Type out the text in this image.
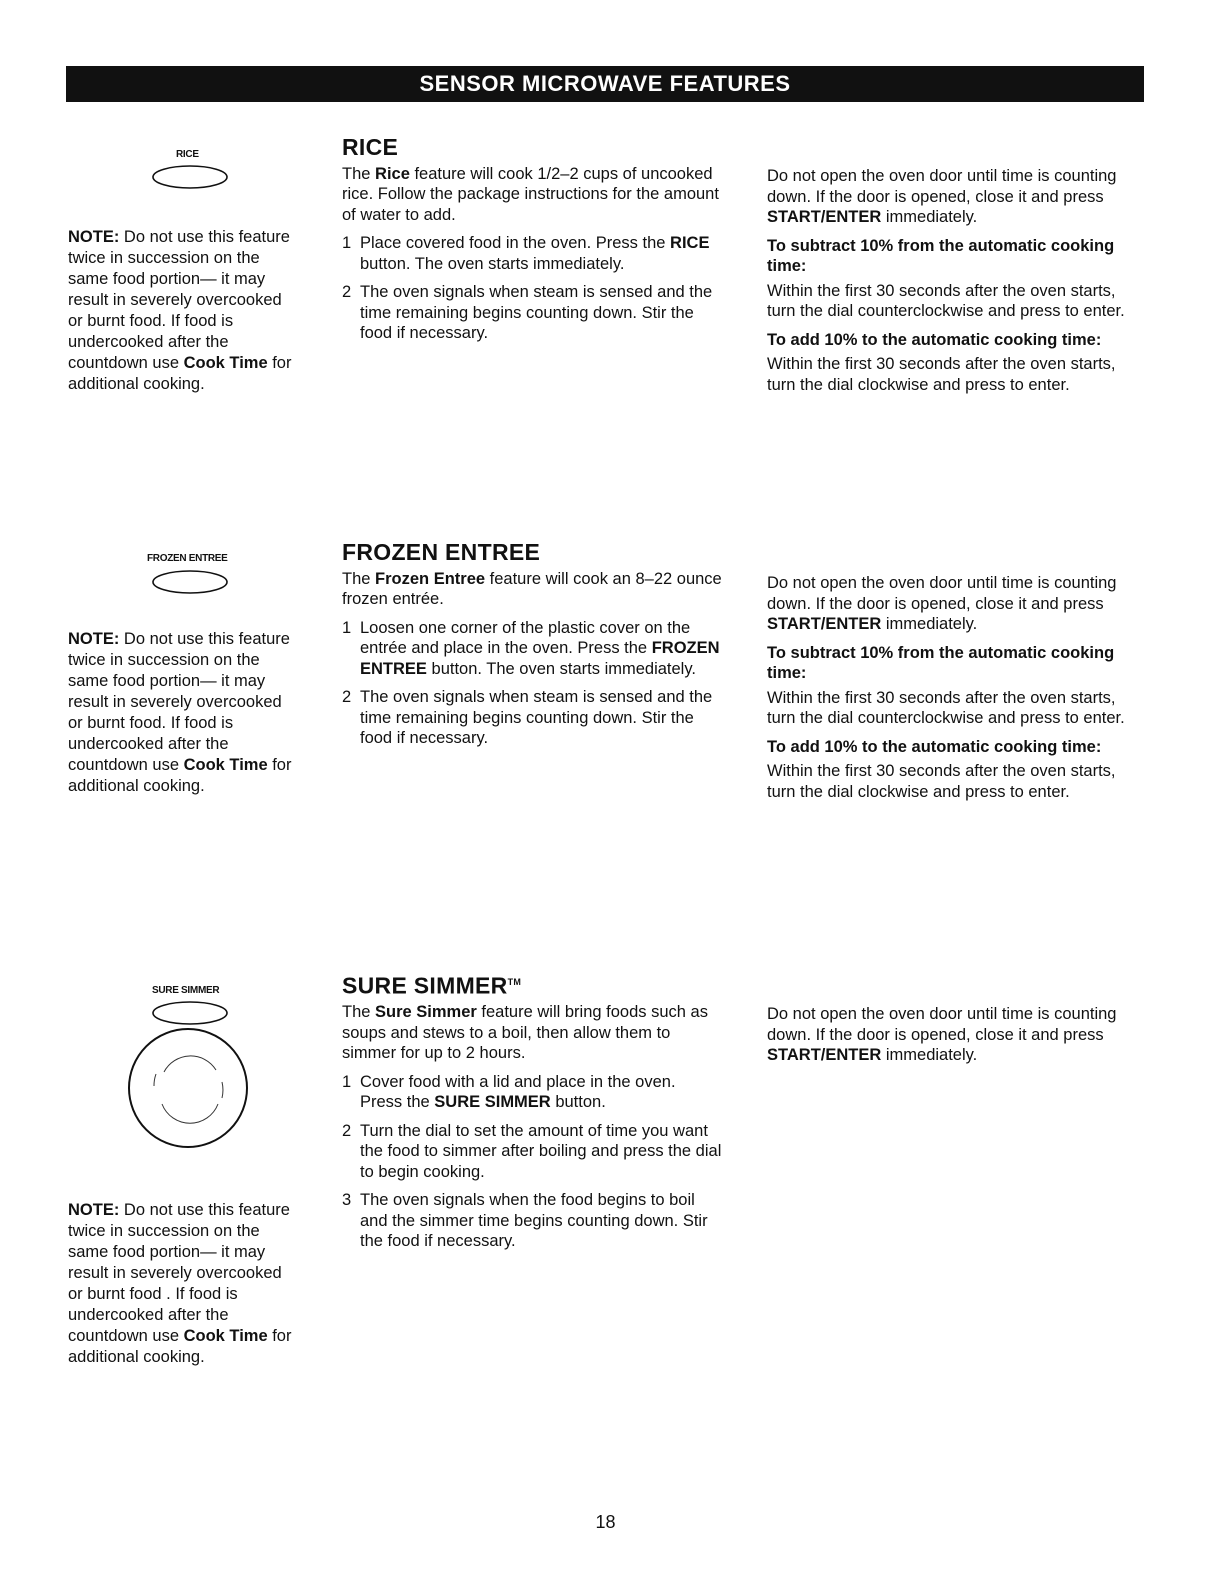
SENSOR MICROWAVE FEATURES
RICE
NOTE: Do not use this feature twice in succession on the same food portion— it may result in severely overcooked or burnt food. If food is undercooked after the countdown use Cook Time for additional cooking.
RICE

The Rice feature will cook 1/2–2 cups of uncooked rice. Follow the package instructions for the amount of water to add.

1 Place covered food in the oven. Press the RICE button. The oven starts immediately.
2 The oven signals when steam is sensed and the time remaining begins counting down. Stir the food if necessary.

Do not open the oven door until time is counting down. If the door is opened, close it and press START/ENTER immediately.

To subtract 10% from the automatic cooking time:

Within the first 30 seconds after the oven starts, turn the dial counterclockwise and press to enter.

To add 10% to the automatic cooking time:

Within the first 30 seconds after the oven starts, turn the dial clockwise and press to enter.

FROZEN ENTREE
NOTE: Do not use this feature twice in succession on the same food portion— it may result in severely overcooked or burnt food. If food is undercooked after the countdown use Cook Time for additional cooking.
FROZEN ENTREE

The Frozen Entree feature will cook an 8–22 ounce frozen entrée.

1 Loosen one corner of the plastic cover on the entrée and place in the oven. Press the FROZEN ENTREE button. The oven starts immediately.
2 The oven signals when steam is sensed and the time remaining begins counting down. Stir the food if necessary.

Do not open the oven door until time is counting down. If the door is opened, close it and press START/ENTER immediately.

To subtract 10% from the automatic cooking time:

Within the first 30 seconds after the oven starts, turn the dial counterclockwise and press to enter.

To add 10% to the automatic cooking time:

Within the first 30 seconds after the oven starts, turn the dial clockwise and press to enter.

SURE SIMMER
NOTE: Do not use this feature twice in succession on the same food portion— it may result in severely overcooked or burnt food . If food is undercooked after the countdown use Cook Time for additional cooking.
SURE SIMMER™

The Sure Simmer feature will bring foods such as soups and stews to a boil, then allow them to simmer for up to 2 hours.

1 Cover food with a lid and place in the oven. Press the SURE SIMMER button.
2 Turn the dial to set the amount of time you want the food to simmer after boiling and press the dial to begin cooking.
3 The oven signals when the food begins to boil and the simmer time begins counting down. Stir the food if necessary.

Do not open the oven door until time is counting down. If the door is opened, close it and press START/ENTER immediately.

18
